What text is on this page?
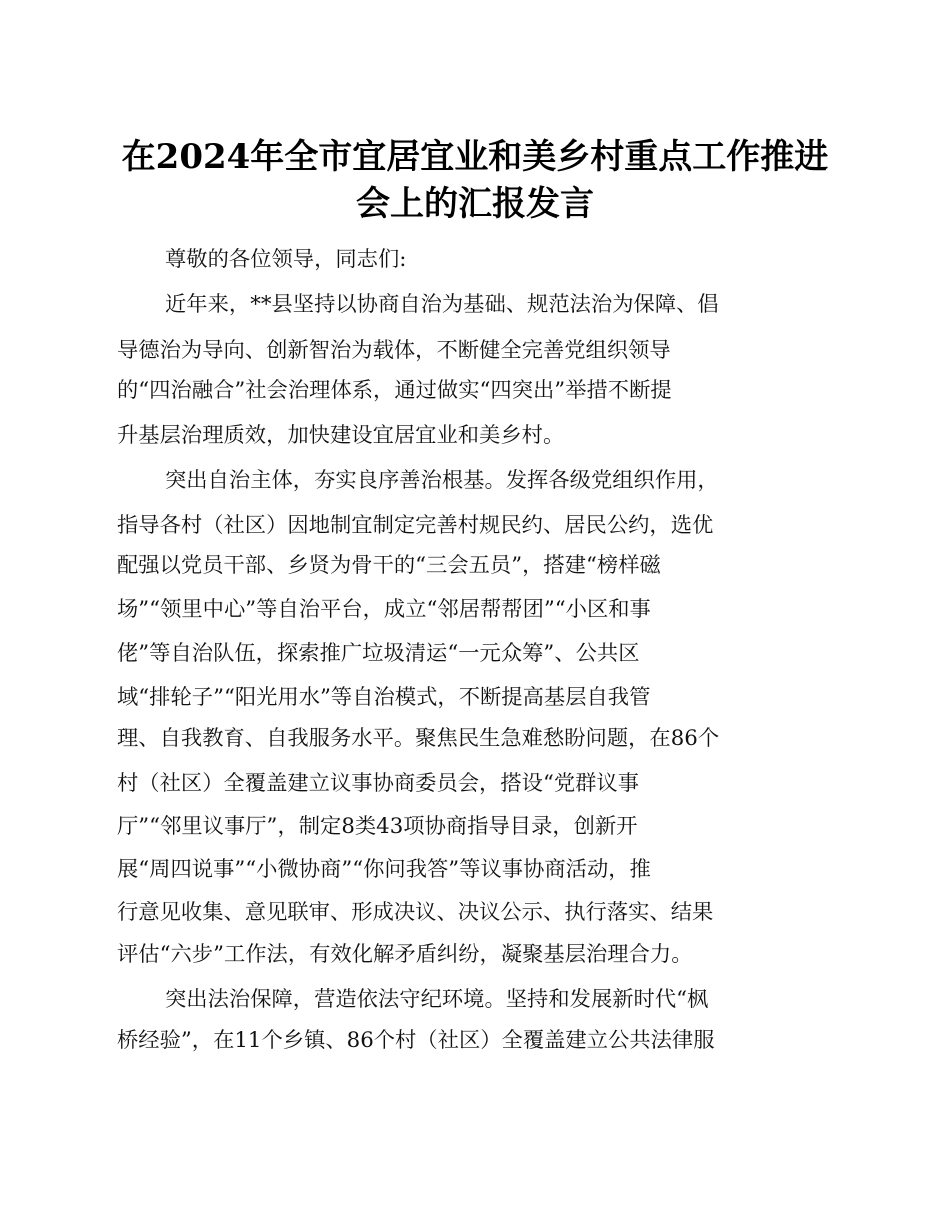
在2024年全市宜居宜业和美乡村重点工作推进
会上的汇报发言
尊敬的各位领导，同志们:
近年来，**县坚持以协商自治为基础、规范法治为保障、倡
导德治为导向、创新智治为载体，不断健全完善党组织领导
的“四治融合”社会治理体系，通过做实“四突出”举措不断提
升基层治理质效，加快建设宜居宜业和美乡村。
突出自治主体，夯实良序善治根基。发挥各级党组织作用，
指导各村（社区）因地制宜制定完善村规民约、居民公约，选优
配强以党员干部、乡贤为骨干的“三会五员”，搭建“榜样磁
场”“领里中心”等自治平台，成立“邻居帮帮团”“小区和事
佬”等自治队伍，探索推广垃圾清运“一元众筹”、公共区
域“排轮子”“阳光用水”等自治模式，不断提高基层自我管
理、自我教育、自我服务水平。聚焦民生急难愁盼问题，在86个
村（社区）全覆盖建立议事协商委员会，搭设“党群议事
厅”“邻里议事厅”，制定8类43项协商指导目录，创新开
展“周四说事”“小微协商”“你问我答”等议事协商活动，推
行意见收集、意见联审、形成决议、决议公示、执行落实、结果
评估“六步”工作法，有效化解矛盾纠纷，凝聚基层治理合力。
突出法治保障，营造依法守纪环境。坚持和发展新时代“枫
桥经验”，在11个乡镇、86个村（社区）全覆盖建立公共法律服
